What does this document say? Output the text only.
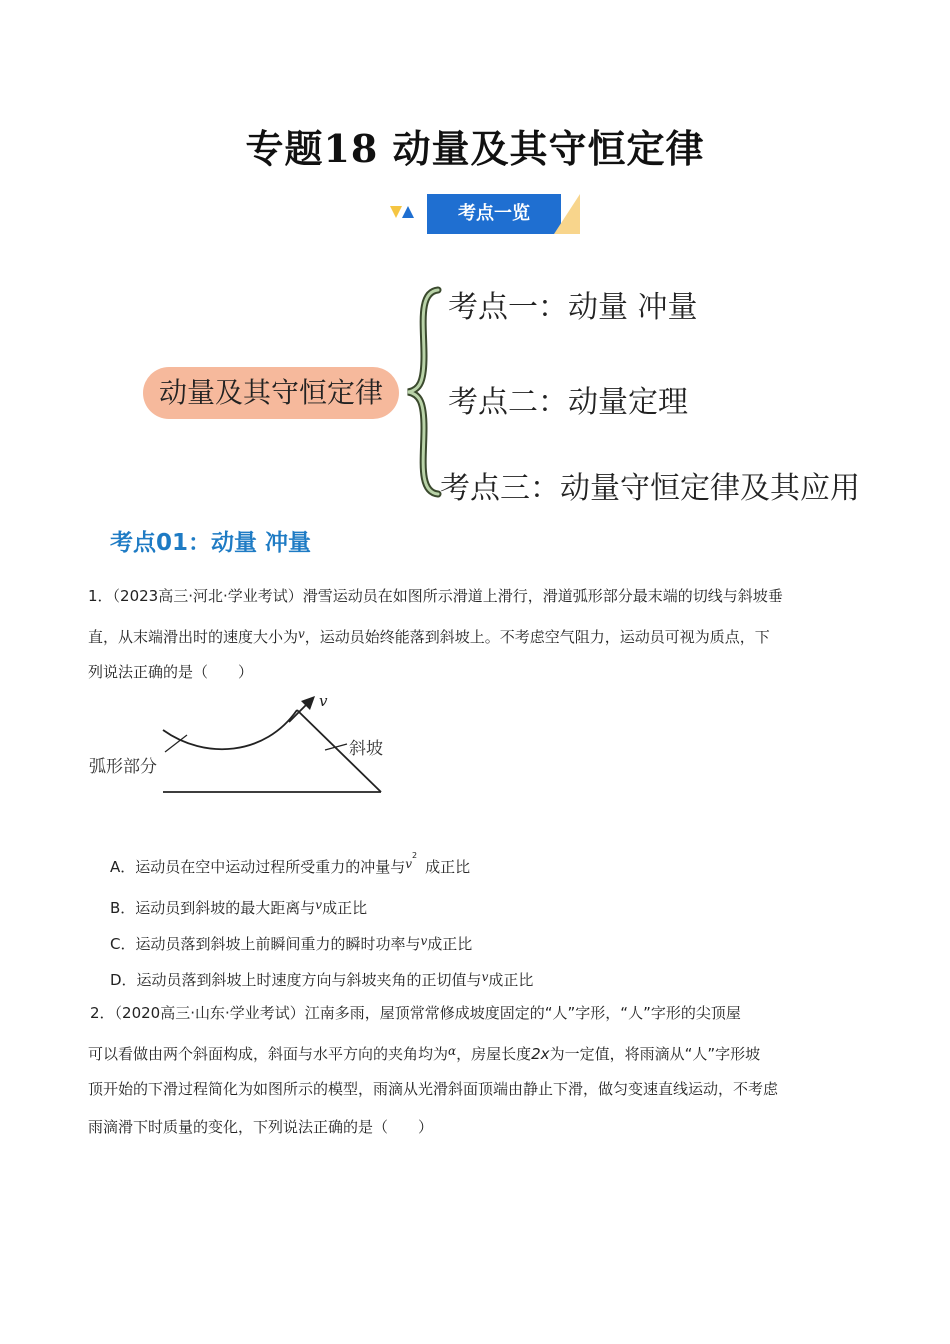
专题18 动量及其守恒定律
考点一览
动量及其守恒定律
考点一：动量 冲量
考点二：动量定理
考点三：动量守恒定律及其应用
考点01：动量 冲量
1．（2023高三·河北·学业考试）滑雪运动员在如图所示滑道上滑行，滑道弧形部分最末端的切线与斜坡垂
直，从末端滑出时的速度大小为$^v$，运动员始终能落到斜坡上。不考虑空气阻力，运动员可视为质点，下
列说法正确的是（　　）
v
弧形部分
斜坡
A．运动员在空中运动过程所受重力的冲量与$^{v2}$成正比
B．运动员到斜坡的最大距离与$^v$成正比
C．运动员落到斜坡上前瞬间重力的瞬时功率与$^v$成正比
D．运动员落到斜坡上时速度方向与斜坡夹角的正切值与$^v$成正比
2．（2020高三·山东·学业考试）江南多雨，屋顶常常修成坡度固定的“人”字形，“人”字形的尖顶屋
可以看做由两个斜面构成，斜面与水平方向的夹角均为$^\alpha$，房屋长度2x为一定值，将雨滴从“人”字形坡
顶开始的下滑过程简化为如图所示的模型，雨滴从光滑斜面顶端由静止下滑，做匀变速直线运动，不考虑
雨滴滑下时质量的变化，下列说法正确的是（　　）
